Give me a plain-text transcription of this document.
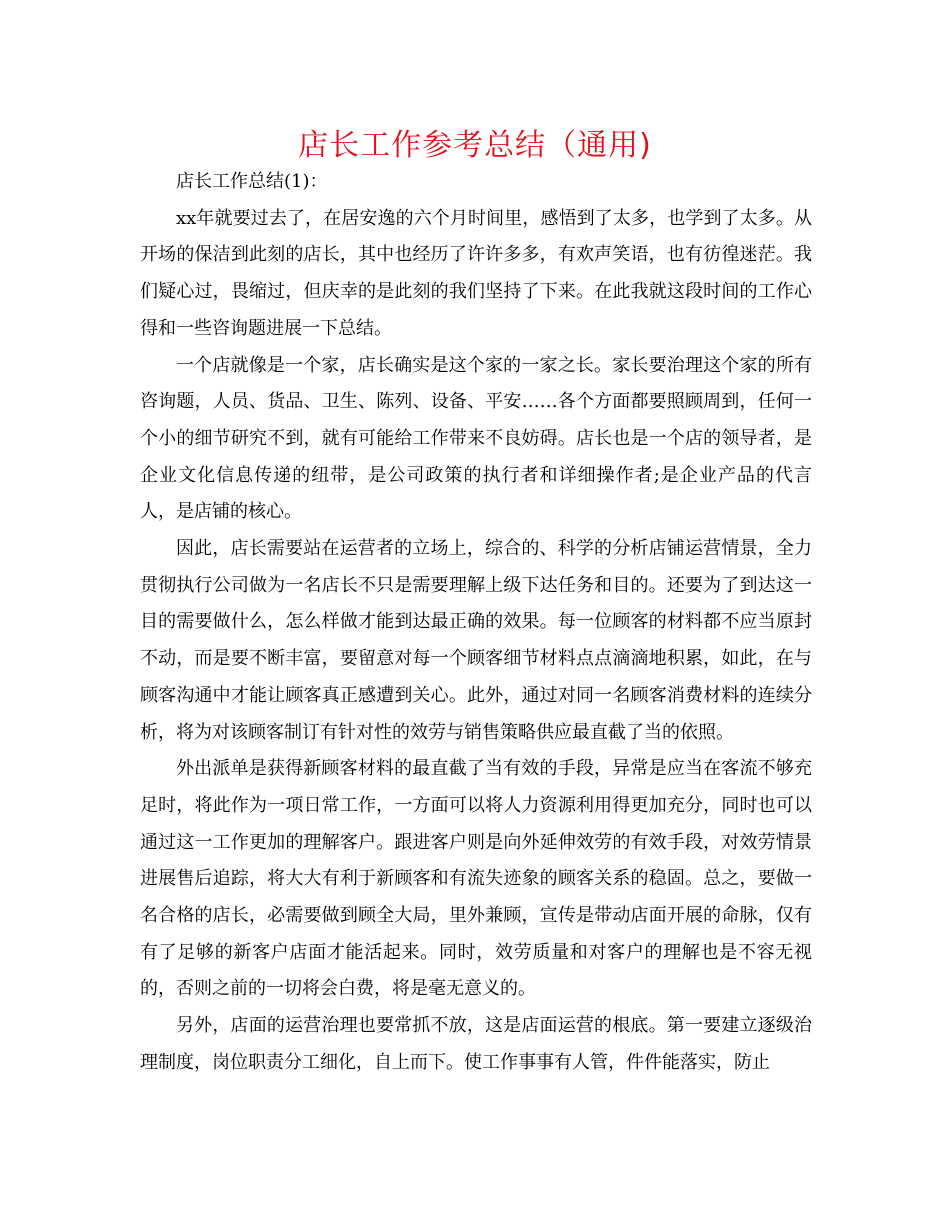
店长工作参考总结（通用)

店长工作总结(1)：

xx年就要过去了，在居安逸的六个月时间里，感悟到了太多，也学到了太多。从开场的保洁到此刻的店长，其中也经历了许许多多，有欢声笑语，也有彷徨迷茫。我们疑心过，畏缩过，但庆幸的是此刻的我们坚持了下来。在此我就这段时间的工作心得和一些咨询题进展一下总结。

一个店就像是一个家，店长确实是这个家的一家之长。家长要治理这个家的所有咨询题，人员、货品、卫生、陈列、设备、平安……各个方面都要照顾周到，任何一个小的细节研究不到，就有可能给工作带来不良妨碍。店长也是一个店的领导者，是企业文化信息传递的纽带，是公司政策的执行者和详细操作者;是企业产品的代言人，是店铺的核心。

因此，店长需要站在运营者的立场上，综合的、科学的分析店铺运营情景，全力贯彻执行公司做为一名店长不只是需要理解上级下达任务和目的。还要为了到达这一目的需要做什么，怎么样做才能到达最正确的效果。每一位顾客的材料都不应当原封不动，而是要不断丰富，要留意对每一个顾客细节材料点点滴滴地积累，如此，在与顾客沟通中才能让顾客真正感遭到关心。此外，通过对同一名顾客消费材料的连续分析，将为对该顾客制订有针对性的效劳与销售策略供应最直截了当的依照。

外出派单是获得新顾客材料的最直截了当有效的手段，异常是应当在客流不够充足时，将此作为一项日常工作，一方面可以将人力资源利用得更加充分，同时也可以通过这一工作更加的理解客户。跟进客户则是向外延伸效劳的有效手段，对效劳情景进展售后追踪，将大大有利于新顾客和有流失迹象的顾客关系的稳固。总之，要做一名合格的店长，必需要做到顾全大局，里外兼顾，宣传是带动店面开展的命脉，仅有有了足够的新客户店面才能活起来。同时，效劳质量和对客户的理解也是不容无视的，否则之前的一切将会白费，将是毫无意义的。

另外，店面的运营治理也要常抓不放，这是店面运营的根底。第一要建立逐级治理制度，岗位职责分工细化，自上而下。使工作事事有人管，件件能落实，防止
